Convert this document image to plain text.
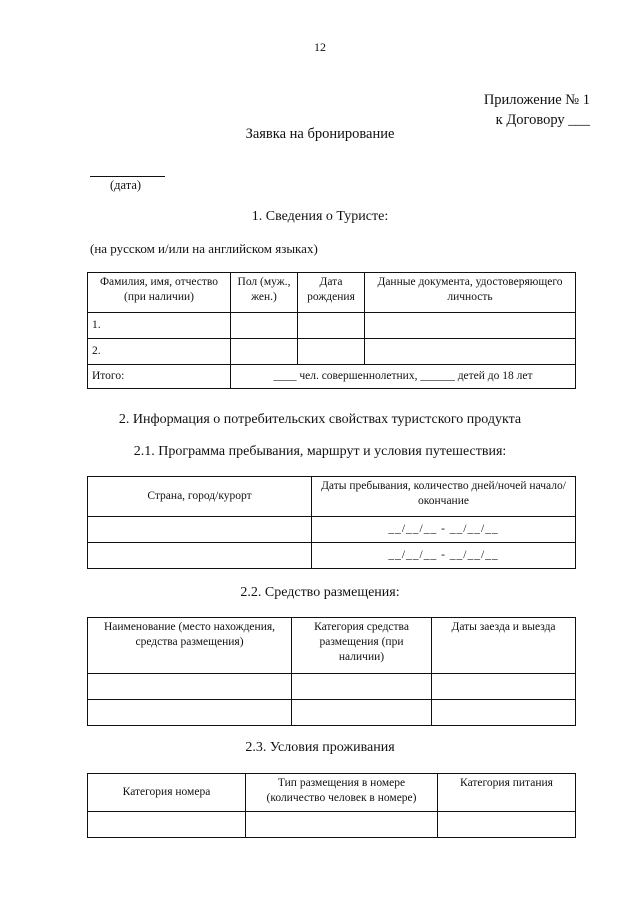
12
Приложение № 1
к Договору ___
Заявка на бронирование
(дата)
1. Сведения о Туристе:
(на русском и/или на английском языках)
Фамилия, имя, отчество (при наличии)	Пол (муж., жен.)	Дата рождения	Данные документа, удостоверяющего личность
1.			
2.			
Итого:	____ чел. совершеннолетних, ______ детей до 18 лет		
2. Информация о потребительских свойствах туристского продукта
2.1. Программа пребывания, маршрут и условия путешествия:
Страна, город/курорт	Даты пребывания, количество дней/ночей начало/окончание
	__/__/__ - __/__/__
	__/__/__ - __/__/__
2.2. Средство размещения:
Наименование (место нахождения, средства размещения)	Категория средства размещения (при наличии)	Даты заезда и выезда

2.3. Условия проживания
Категория номера	Тип размещения в номере (количество человек в номере)	Категория питания
